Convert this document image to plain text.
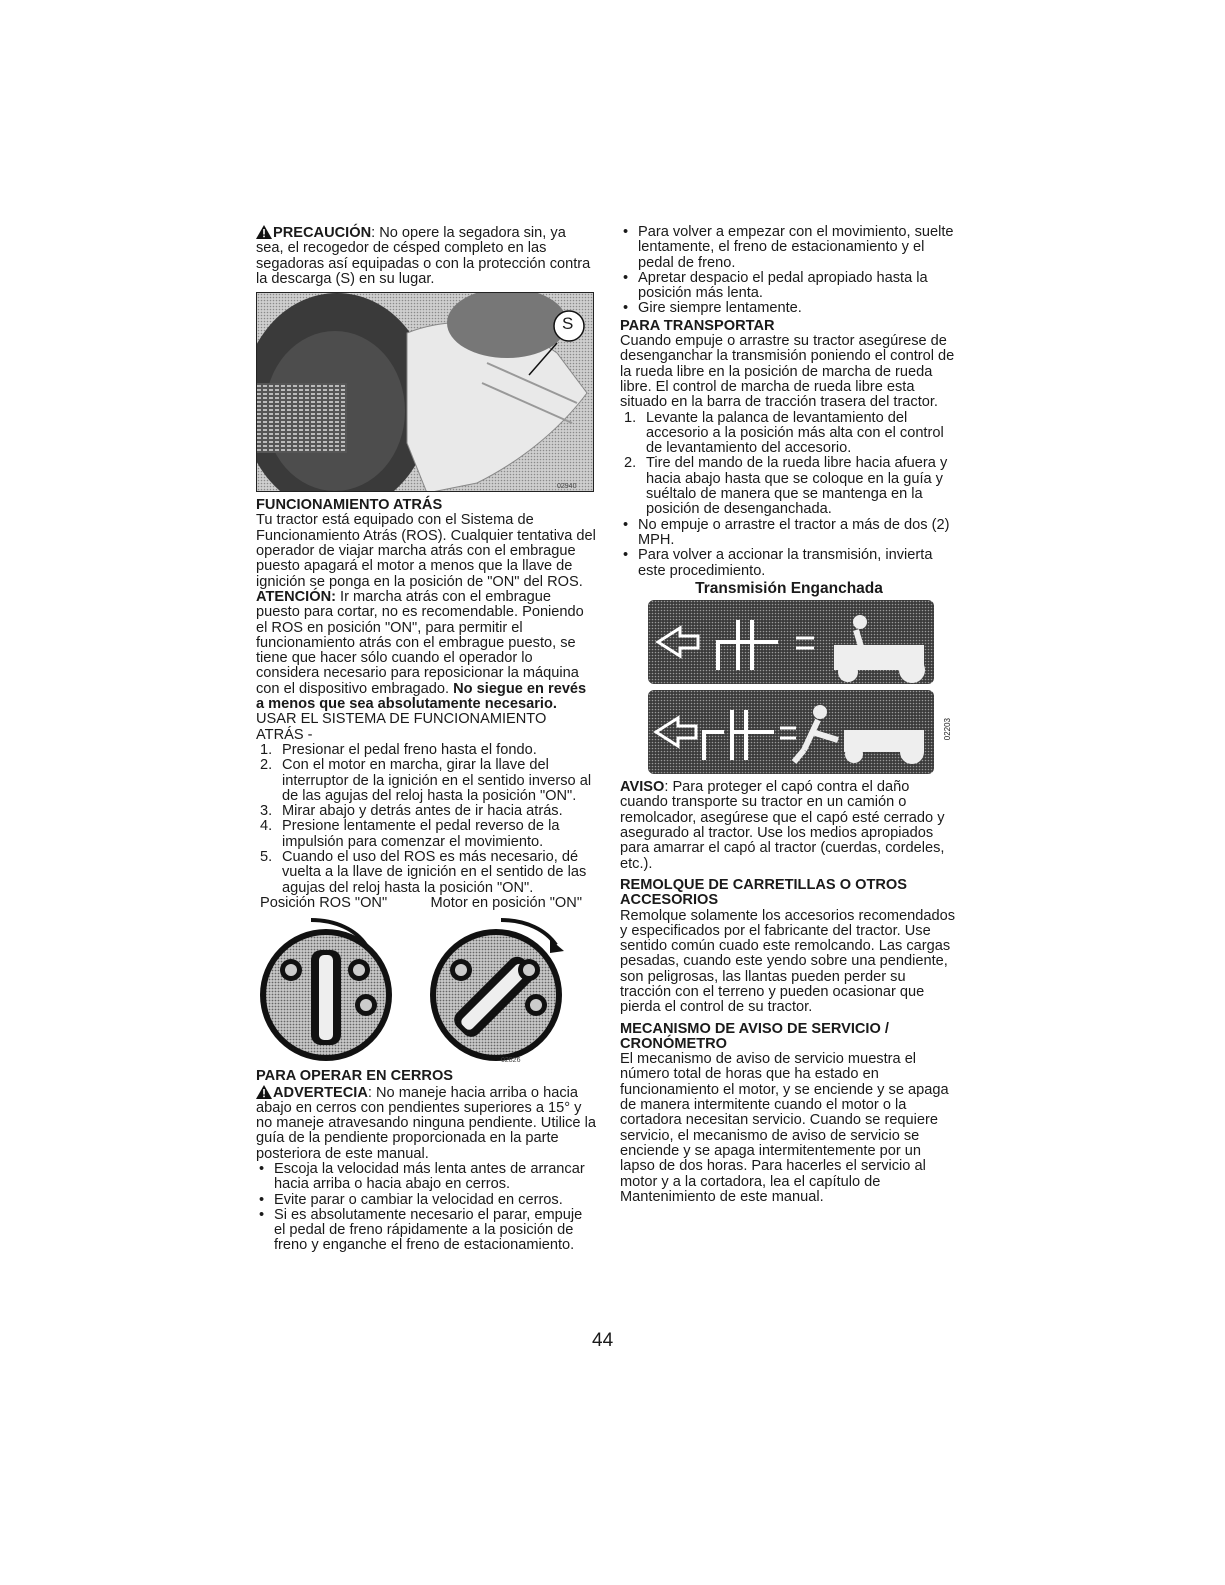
PRECAUCIÓN: No opere la segadora sin, ya sea, el recogedor de césped completo en las segadoras así equipadas o con la protección contra la descarga (S) en su lugar.

S
02940

FUNCIONAMIENTO ATRÁS

Tu tractor está equipado con el Sistema de Funcionamiento Atrás (ROS). Cualquier tentativa del operador de viajar marcha atrás con el embrague puesto apagará el motor a menos que la llave de ignición se ponga en la posición de "ON" del ROS.

ATENCIÓN: Ir marcha atrás con el embrague puesto para cortar, no es recomendable. Poniendo el ROS en posición "ON", para permitir el funcionamiento atrás con el embrague puesto, se tiene que hacer sólo cuando el operador lo considera necesario para reposicionar la máquina con el dispositivo embragado. No siegue en revés a menos que sea absolutamente necesario.

USAR EL SISTEMA DE FUNCIONAMIENTO ATRÁS -

1. Presionar el pedal freno hasta el fondo.
2. Con el motor en marcha, girar la llave del interruptor de la ignición en el sentido inverso al de las agujas del reloj hasta la posición "ON".
3. Mirar abajo y detrás antes de ir hacia atrás.
4. Presione lentamente el pedal reverso de la impulsión para comenzar el movimiento.
5. Cuando el uso del ROS es más necesario, dé vuelta a la llave de ignición en el sentido de las agujas del reloj hasta la posición "ON".
Posición ROS "ON"	Motor en posición "ON"
02826

PARA OPERAR EN CERROS

ADVERTECIA: No maneje hacia arriba o hacia abajo en cerros con pendientes superiores a 15° y no maneje atravesando ninguna pendiente. Utilice la guía de la pendiente proporcionada en la parte posteriora de este manual.

• Escoja la velocidad más lenta antes de arrancar hacia arriba o hacia abajo en cerros.
• Evite parar o cambiar la velocidad en cerros.
• Si es absolutamente necesario el parar, empuje el pedal de freno rápidamente a la posición de freno y enganche el freno de estacionamiento.
• Para volver a empezar con el movimiento, suelte lentamente, el freno de estacionamiento y el pedal de freno.
• Apretar despacio el pedal apropiado hasta la posición más lenta.
• Gire siempre lentamente.

PARA TRANSPORTAR

Cuando empuje o arrastre su tractor asegúrese de desenganchar la transmisión poniendo el control de la rueda libre en la posición de marcha de rueda libre. El control de marcha de rueda libre esta situado en la barra de tracción trasera del tractor.

1. Levante la palanca de levantamiento del accesorio a la posición más alta con el control de levantamiento del accesorio.
2. Tire del mando de la rueda libre hacia afuera y hacia abajo hasta que se coloque en la guía y suéltalo de manera que se mantenga en la posición de desenganchada.
• No empuje o arrastre el tractor a más de dos (2) MPH.
• Para volver a accionar la transmisión, invierta este procedimiento.

Transmisión Enganchada

02203

AVISO: Para proteger el capó contra el daño cuando transporte su tractor en un camión o remolcador, asegúrese que el capó esté cerrado y asegurado al tractor. Use los medios apropiados para amarrar el capó al tractor (cuerdas, cordeles, etc.).

REMOLQUE DE CARRETILLAS O OTROS ACCESORIOS

Remolque solamente los accesorios recomendados y especificados por el fabricante del tractor. Use sentido común cuado este remolcando. Las cargas pesadas, cuando este yendo sobre una pendiente, son peligrosas, las llantas pueden perder su tracción con el terreno y pueden ocasionar que pierda el control de su tractor.

MECANISMO DE AVISO DE SERVICIO / CRONÓMETRO

El mecanismo de aviso de servicio muestra el número total de horas que ha estado en funcionamiento el motor, y se enciende y se apaga de manera intermitente cuando el motor o la cortadora necesitan servicio. Cuando se requiere servicio, el mecanismo de aviso de servicio se enciende y se apaga intermitentemente por un lapso de dos horas. Para hacerles el servicio al motor y a la cortadora, lea el capítulo de Mantenimiento de este manual.

44
